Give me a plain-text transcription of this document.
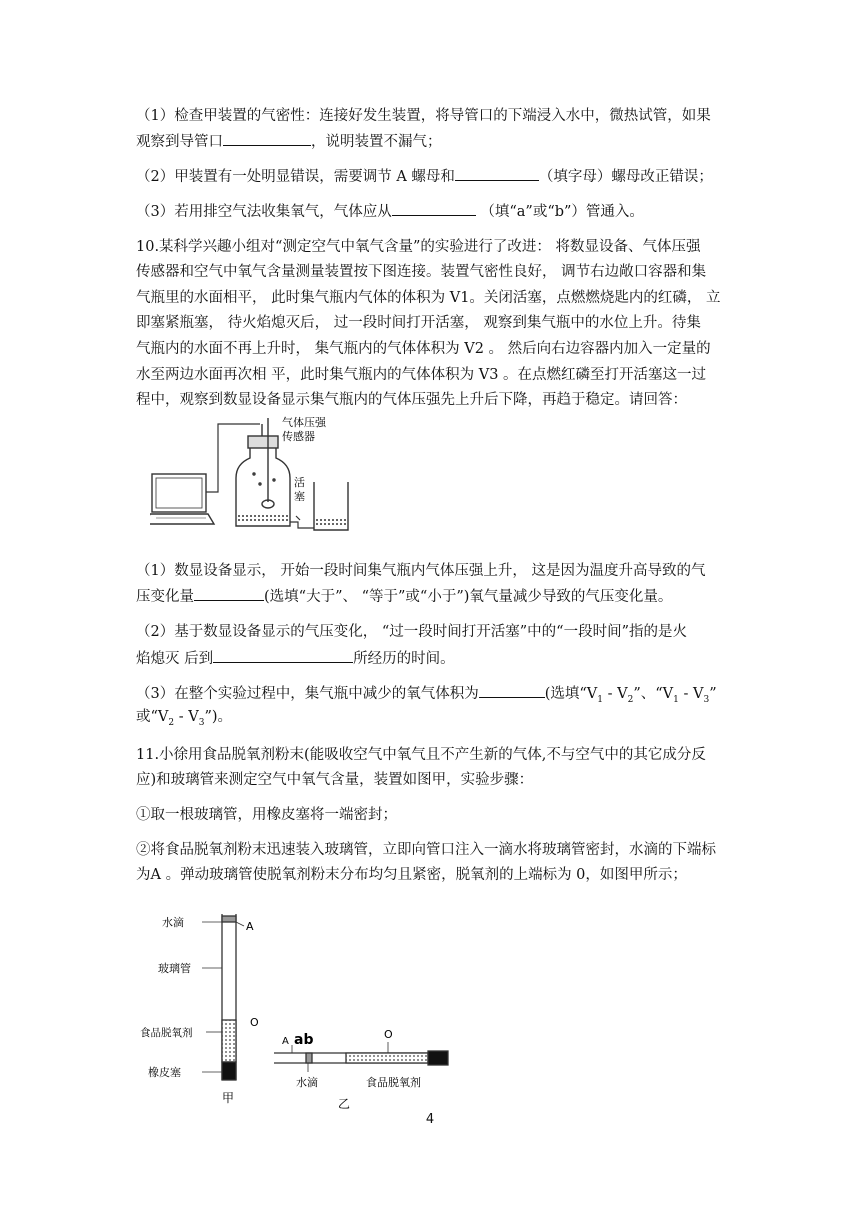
（1）检查甲装置的气密性：连接好发生装置，将导管口的下端浸入水中，微热试管，如果
观察到导管口	，说明装置不漏气；
（2）甲装置有一处明显错误，需要调节 A 螺母和	（填字母）螺母改正错误；
（3）若用排空气法收集氧气，气体应从	（填“a”或“b”）管通入。
10.某科学兴趣小组对“测定空气中氧气含量”的实验进行了改进： 将数显设备、气体压强
传感器和空气中氧气含量测量装置按下图连接。装置气密性良好， 调节右边敞口容器和集
气瓶里的水面相平， 此时集气瓶内气体的体积为 V1。关闭活塞，点燃燃烧匙内的红磷， 立
即塞紧瓶塞， 待火焰熄灭后， 过一段时间打开活塞， 观察到集气瓶中的水位上升。待集
气瓶内的水面不再上升时， 集气瓶内的气体体积为 V2 。 然后向右边容器内加入一定量的
水至两边水面再次相 平，此时集气瓶内的气体体积为 V3 。在点燃红磷至打开活塞这一过
程中，观察到数显设备显示集气瓶内的气体压强先上升后下降，再趋于稳定。请回答：
气体压强
传感器
活
塞
（1）数显设备显示， 开始一段时间集气瓶内气体压强上升， 这是因为温度升高导致的气
压变化量	(选填“大于”、 “等于”或“小于”)氧气量减少导致的气压变化量。
（2）基于数显设备显示的气压变化， “过一段时间打开活塞”中的“一段时间”指的是火
焰熄灭 后到	所经历的时间。
（3）在整个实验过程中，集气瓶中减少的氧气体积为	(选填“$V_1 - V_2$”、“$V_1 - V_3$”
或“$V_2$ - $V_3$”)。
11.小徐用食品脱氧剂粉末(能吸收空气中氧气且不产生新的气体,不与空气中的其它成分反
应)和玻璃管来测定空气中氧气含量，装置如图甲，实验步骤：
①取一根玻璃管，用橡皮塞将一端密封；
②将食品脱氧剂粉末迅速装入玻璃管，立即向管口注入一滴水将玻璃管密封，水滴的下端标
为A 。弹动玻璃管使脱氧剂粉末分布均匀且紧密，脱氧剂的上端标为 0，如图甲所示；
水滴	A
玻璃管
O
食品脱氧剂
橡皮塞
甲
A ab	O
水滴	食品脱氧剂
乙
4
